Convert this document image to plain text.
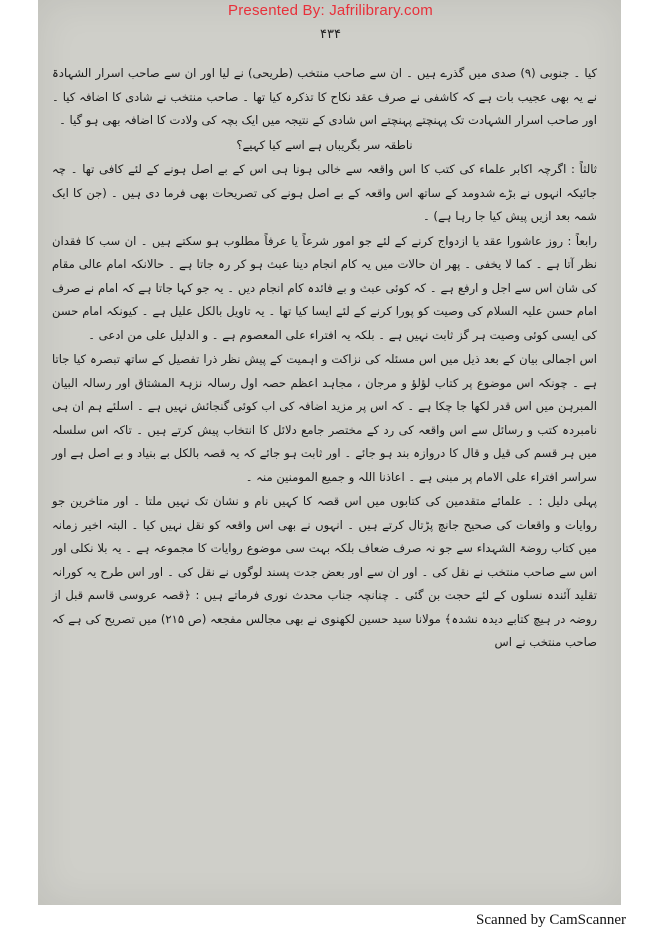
Presented By: Jafrilibrary.com
۴۳۴

کیا ۔ جنوبی (۹) صدی میں گذرے ہیں ۔ ان سے صاحب منتخب (طریحی) نے لیا اور ان سے صاحب اسرار الشہادۃ نے یہ بھی عجیب بات ہے کہ کاشفی نے صرف عقد نکاح کا تذکرہ کیا تھا ۔ صاحب منتخب نے شادی کا اضافہ کیا ۔ اور صاحب اسرار الشہادت تک پہنچتے پہنچتے اس شادی کے نتیجہ میں ایک بچہ کی ولادت کا اضافہ بھی ہو گیا ۔

ناطقہ سر بگریباں ہے اسے کیا کہیے؟

ثالثاً : اگرچہ اکابر علماء کی کتب کا اس واقعہ سے خالی ہونا ہی اس کے بے اصل ہونے کے لئے کافی تھا ۔ چہ جائیکہ انہوں نے بڑے شدومد کے ساتھ اس واقعہ کے بے اصل ہونے کی تصریحات بھی فرما دی ہیں ۔ (جن کا ایک شمہ بعد ازیں پیش کیا جا رہا ہے) ۔

رابعاً : روز عاشورا عقد یا ازدواج کرنے کے لئے جو امور شرعاً یا عرفاً مطلوب ہو سکتے ہیں ۔ ان سب کا فقدان نظر آتا ہے ۔ کما لا یخفی ۔ پھر ان حالات میں یہ کام انجام دینا عبث ہو کر رہ جاتا ہے ۔ حالانکہ امام عالی مقام کی شان اس سے اجل و ارفع ہے ۔ کہ کوئی عبث و بے فائدہ کام انجام دیں ۔ یہ جو کہا جاتا ہے کہ امام نے صرف امام حسن علیہ السلام کی وصیت کو پورا کرنے کے لئے ایسا کیا تھا ۔ یہ تاویل بالکل علیل ہے ۔ کیونکہ امام حسن کی ایسی کوئی وصیت ہر گز ثابت نہیں ہے ۔ بلکہ یہ افتراء علی المعصوم ہے ۔ و الدلیل علی من ادعی ۔

اس اجمالی بیان کے بعد ذیل میں اس مسئلہ کی نزاکت و اہمیت کے پیش نظر ذرا تفصیل کے ساتھ تبصرہ کیا جاتا ہے ۔ چونکہ اس موضوع پر کتاب لؤلؤ و مرجان ، مجاہد اعظم حصہ اول رسالہ نزہۃ المشتاق اور رسالہ البیان المبرہن میں اس قدر لکھا جا چکا ہے ۔ کہ اس پر مزید اضافہ کی اب کوئی گنجائش نہیں ہے ۔ اسلئے ہم ان ہی نامبردہ کتب و رسائل سے اس واقعہ کی رد کے مختصر جامع دلائل کا انتخاب پیش کرتے ہیں ۔ تاکہ اس سلسلہ میں ہر قسم کی قیل و قال کا دروازہ بند ہو جائے ۔ اور ثابت ہو جائے کہ یہ قصہ بالکل بے بنیاد و بے اصل ہے اور سراسر افتراء علی الامام پر مبنی ہے ۔ اعاذنا اللہ و جمیع المومنین منہ ۔

پہلی دلیل : ۔ علمائے متقدمین کی کتابوں میں اس قصہ کا کہیں نام و نشان تک نہیں ملتا ۔ اور متاخرین جو روایات و واقعات کی صحیح جانچ پڑتال کرتے ہیں ۔ انہوں نے بھی اس واقعہ کو نقل نہیں کیا ۔ البتہ اخیر زمانہ میں کتاب روضۃ الشہداء سے جو نہ صرف ضعاف بلکہ بہت سی موضوع روایات کا مجموعہ ہے ۔ یہ بلا نکلی اور اس سے صاحب منتخب نے نقل کی ۔ اور ان سے اور بعض جدت پسند لوگوں نے نقل کی ۔ اور اس طرح یہ کورانہ تقلید آئندہ نسلوں کے لئے حجت بن گئی ۔ چنانچہ جناب محدث نوری فرماتے ہیں : ﴿قصہ عروسی قاسم قبل از روضہ در ہیچ کتابے دیدہ نشدہ﴾ مولانا سید حسین لکھنوی نے بھی مجالس مفجعہ (ص ۲۱۵) میں تصریح کی ہے کہ صاحب منتخب نے اس

Scanned by CamScanner
